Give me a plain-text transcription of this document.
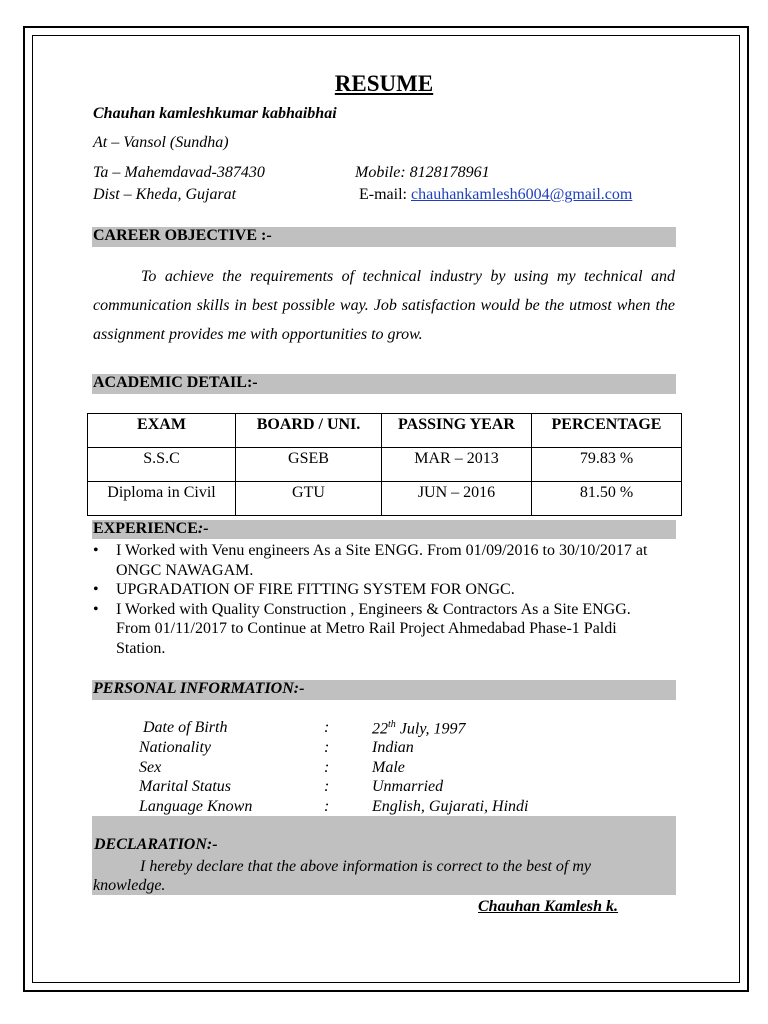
RESUME
Chauhan kamleshkumar kabhaibhai
At – Vansol (Sundha)
Ta – Mahemdavad-387430	Mobile: 8128178961
Dist – Kheda, Gujarat	E-mail: chauhankamlesh6004@gmail.com
CAREER OBJECTIVE :-
To achieve the requirements of technical industry by using my technical and communication skills in best possible way. Job satisfaction would be the utmost when the assignment provides me with opportunities to grow.
ACADEMIC DETAIL:-
EXAM	BOARD / UNI.	PASSING YEAR	PERCENTAGE
S.S.C	GSEB	MAR – 2013	79.83 %
Diploma in Civil	GTU	JUN – 2016	81.50 %
EXPERIENCE:-
• I Worked with Venu engineers As a Site ENGG. From 01/09/2016 to 30/10/2017 at ONGC NAWAGAM.
• UPGRADATION OF FIRE FITTING SYSTEM FOR ONGC.
• I Worked with Quality Construction , Engineers & Contractors As a Site ENGG. From 01/11/2017 to Continue at Metro Rail Project Ahmedabad Phase-1 Paldi Station.
PERSONAL INFORMATION:-
Date of Birth	:	22th July, 1997
Nationality	:	Indian
Sex	:	Male
Marital Status	:	Unmarried
Language Known	:	English, Gujarati, Hindi
DECLARATION:-
I hereby declare that the above information is correct to the best of my knowledge.
Chauhan Kamlesh k.
